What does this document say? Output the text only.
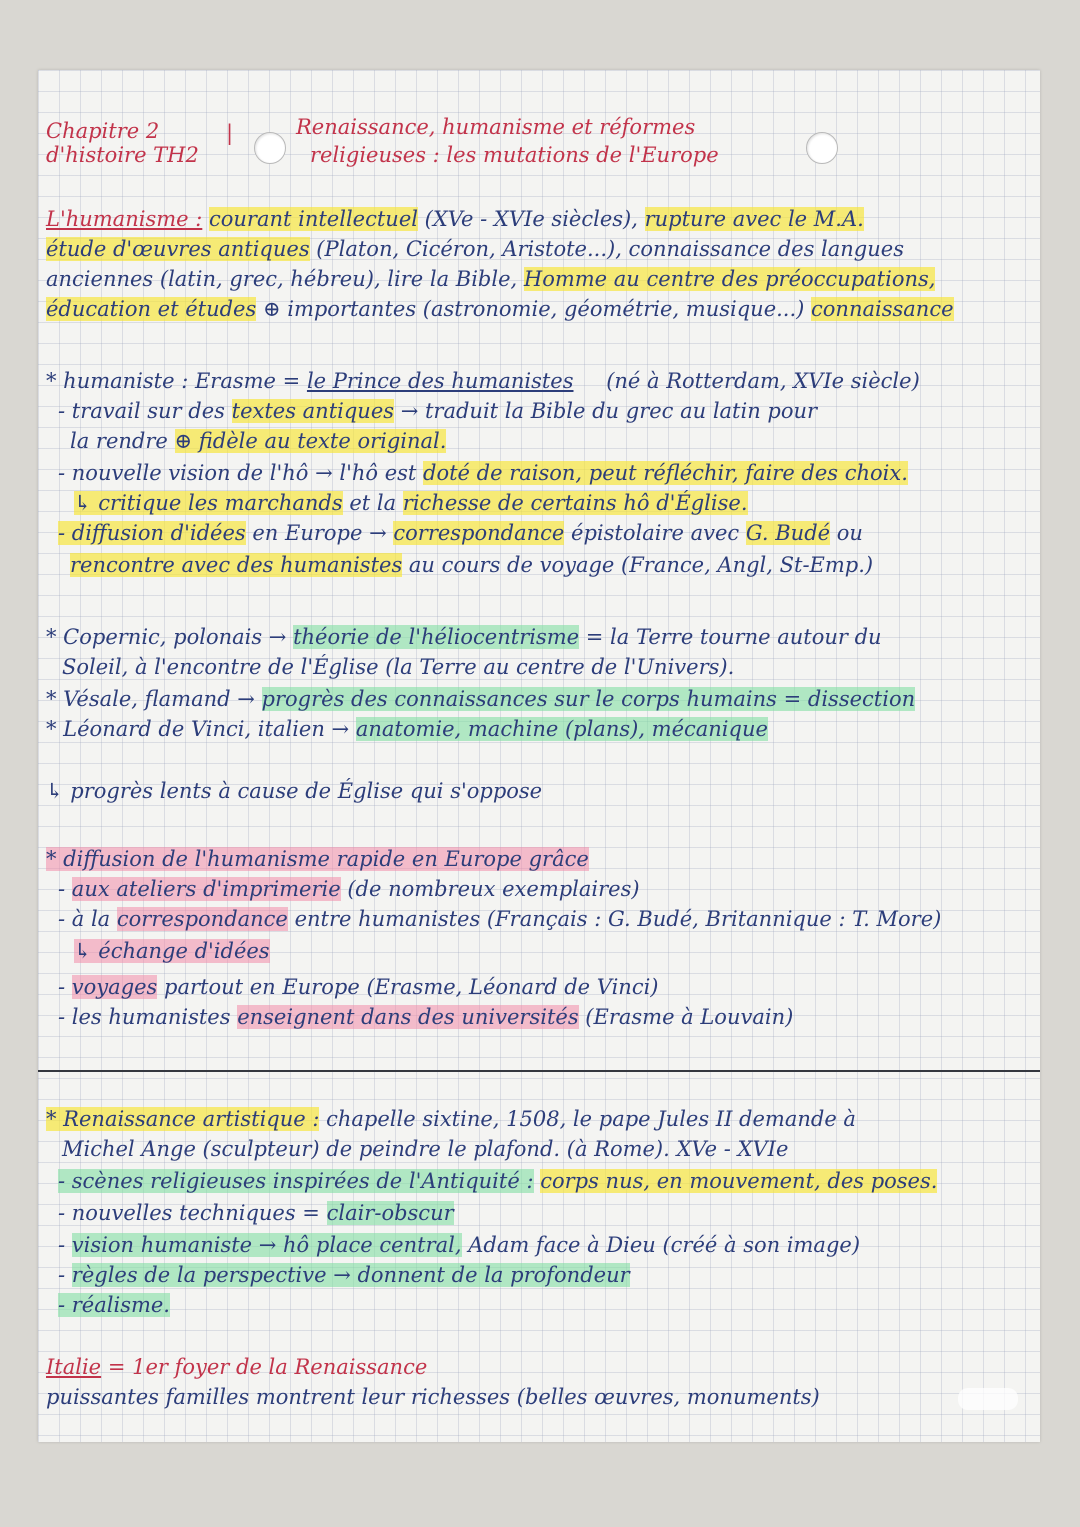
Chapitre 2
d'histoire TH2
|	Renaissance, humanisme et réformes
religieuses : les mutations de l'Europe
L'humanisme : courant intellectuel (XVe - XVIe siècles), rupture avec le M.A.
étude d'œuvres antiques (Platon, Cicéron, Aristote...), connaissance des langues
anciennes (latin, grec, hébreu), lire la Bible, Homme au centre des préoccupations,
éducation et études ⊕ importantes (astronomie, géométrie, musique...) connaissance
* humaniste : Erasme = le Prince des humanistes (né à Rotterdam, XVIe siècle)
- travail sur des textes antiques → traduit la Bible du grec au latin pour
la rendre ⊕ fidèle au texte original.
- nouvelle vision de l'hô → l'hô est doté de raison, peut réfléchir, faire des choix.
↳ critique les marchands et la richesse de certains hô d'Église.
- diffusion d'idées en Europe → correspondance épistolaire avec G. Budé ou
rencontre avec des humanistes au cours de voyage (France, Angl, St-Emp.)
* Copernic, polonais → théorie de l'héliocentrisme = la Terre tourne autour du
Soleil, à l'encontre de l'Église (la Terre au centre de l'Univers).
* Vésale, flamand → progrès des connaissances sur le corps humains = dissection
* Léonard de Vinci, italien → anatomie, machine (plans), mécanique
↳ progrès lents à cause de Église qui s'oppose
* diffusion de l'humanisme rapide en Europe grâce
- aux ateliers d'imprimerie (de nombreux exemplaires)
- à la correspondance entre humanistes (Français : G. Budé, Britannique : T. More)
↳ échange d'idées
- voyages partout en Europe (Erasme, Léonard de Vinci)
- les humanistes enseignent dans des universités (Erasme à Louvain)
* Renaissance artistique : chapelle sixtine, 1508, le pape Jules II demande à
Michel Ange (sculpteur) de peindre le plafond. (à Rome). XVe - XVIe
- scènes religieuses inspirées de l'Antiquité : corps nus, en mouvement, des poses.
- nouvelles techniques = clair-obscur
- vision humaniste → hô place central, Adam face à Dieu (créé à son image)
- règles de la perspective → donnent de la profondeur
- réalisme.
Italie = 1er foyer de la Renaissance
puissantes familles montrent leur richesses (belles œuvres, monuments)
